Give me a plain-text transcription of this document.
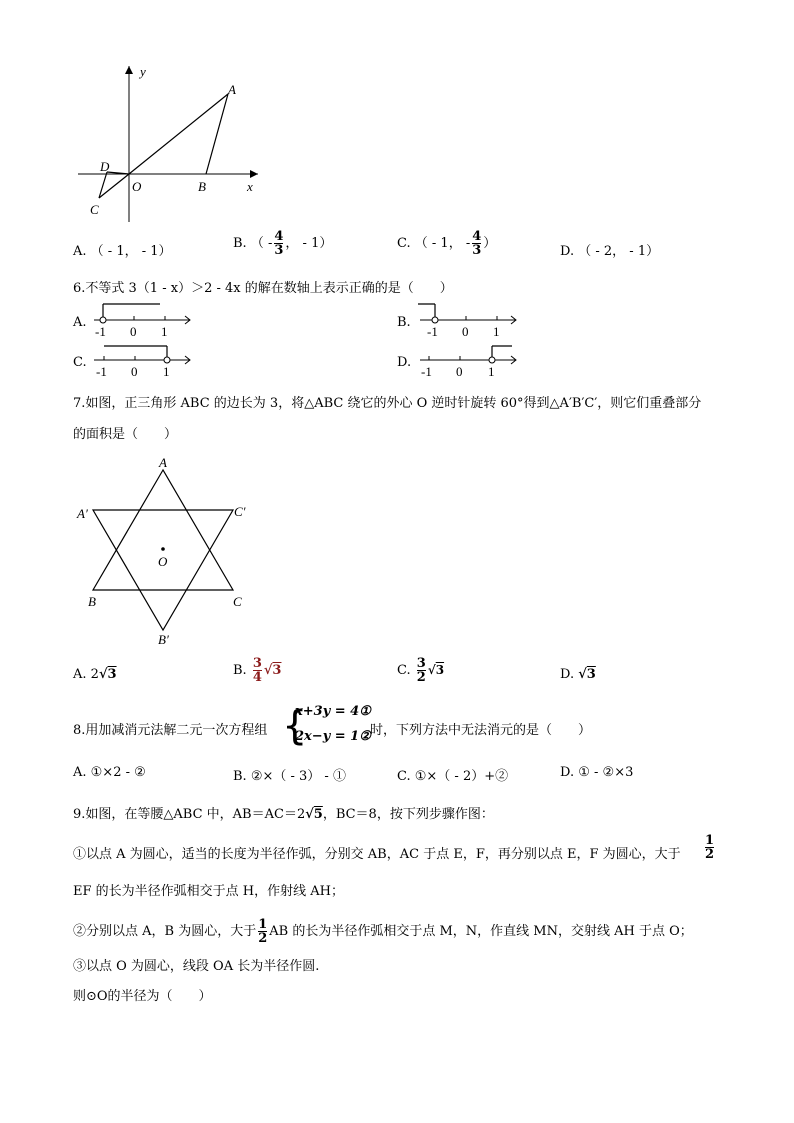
y
x
A
B
C
D
O
A. （ - 1， - 1）
B. （ - $\frac{4}{3}$ ， - 1）	C. （ - 1， - $\frac{4}{3}$ ）
D. （ - 2， - 1）
6.不等式 3（1 - x）＞2 - 4x 的解在数轴上表示正确的是（　　）
A.
-1 0 1
B.
-1 0 1
C.
-1 0 1
D.
-1 0 1
7.如图，正三角形 ABC 的边长为 3，将△ABC 绕它的外心 O 逆时针旋转 60°得到△A′B′C′，则它们重叠部分
的面积是（　　）
A
B	C
A′	C′
B′
O
A. 2√3	B. $\frac{3}{4} √3$	C. $\frac{3}{2} √3$	D. √3
8.用加减消元法解二元一次方程组 {
x+3y = 4①
2x−y = 1② 时，下列方法中无法消元的是（　　）
A. ①×2 - ②	B. ②×（ - 3） - ①	C. ①×（ - 2）+②	D. ① - ②×3
9.如图，在等腰△ABC 中，AB＝AC＝2√5，BC＝8，按下列步骤作图：
①以点 A 为圆心，适当的长度为半径作弧，分别交 AB，AC 于点 E，F，再分别以点 E，F 为圆心，大于 $\frac{1}{2}$
EF 的长为半径作弧相交于点 H，作射线 AH；
②分别以点 A，B 为圆心，大于 $\frac{1}{2}$ AB 的长为半径作弧相交于点 M，N，作直线 MN，交射线 AH 于点 O；
③以点 O 为圆心，线段 OA 长为半径作圆.
则⊙O的半径为（　　）
